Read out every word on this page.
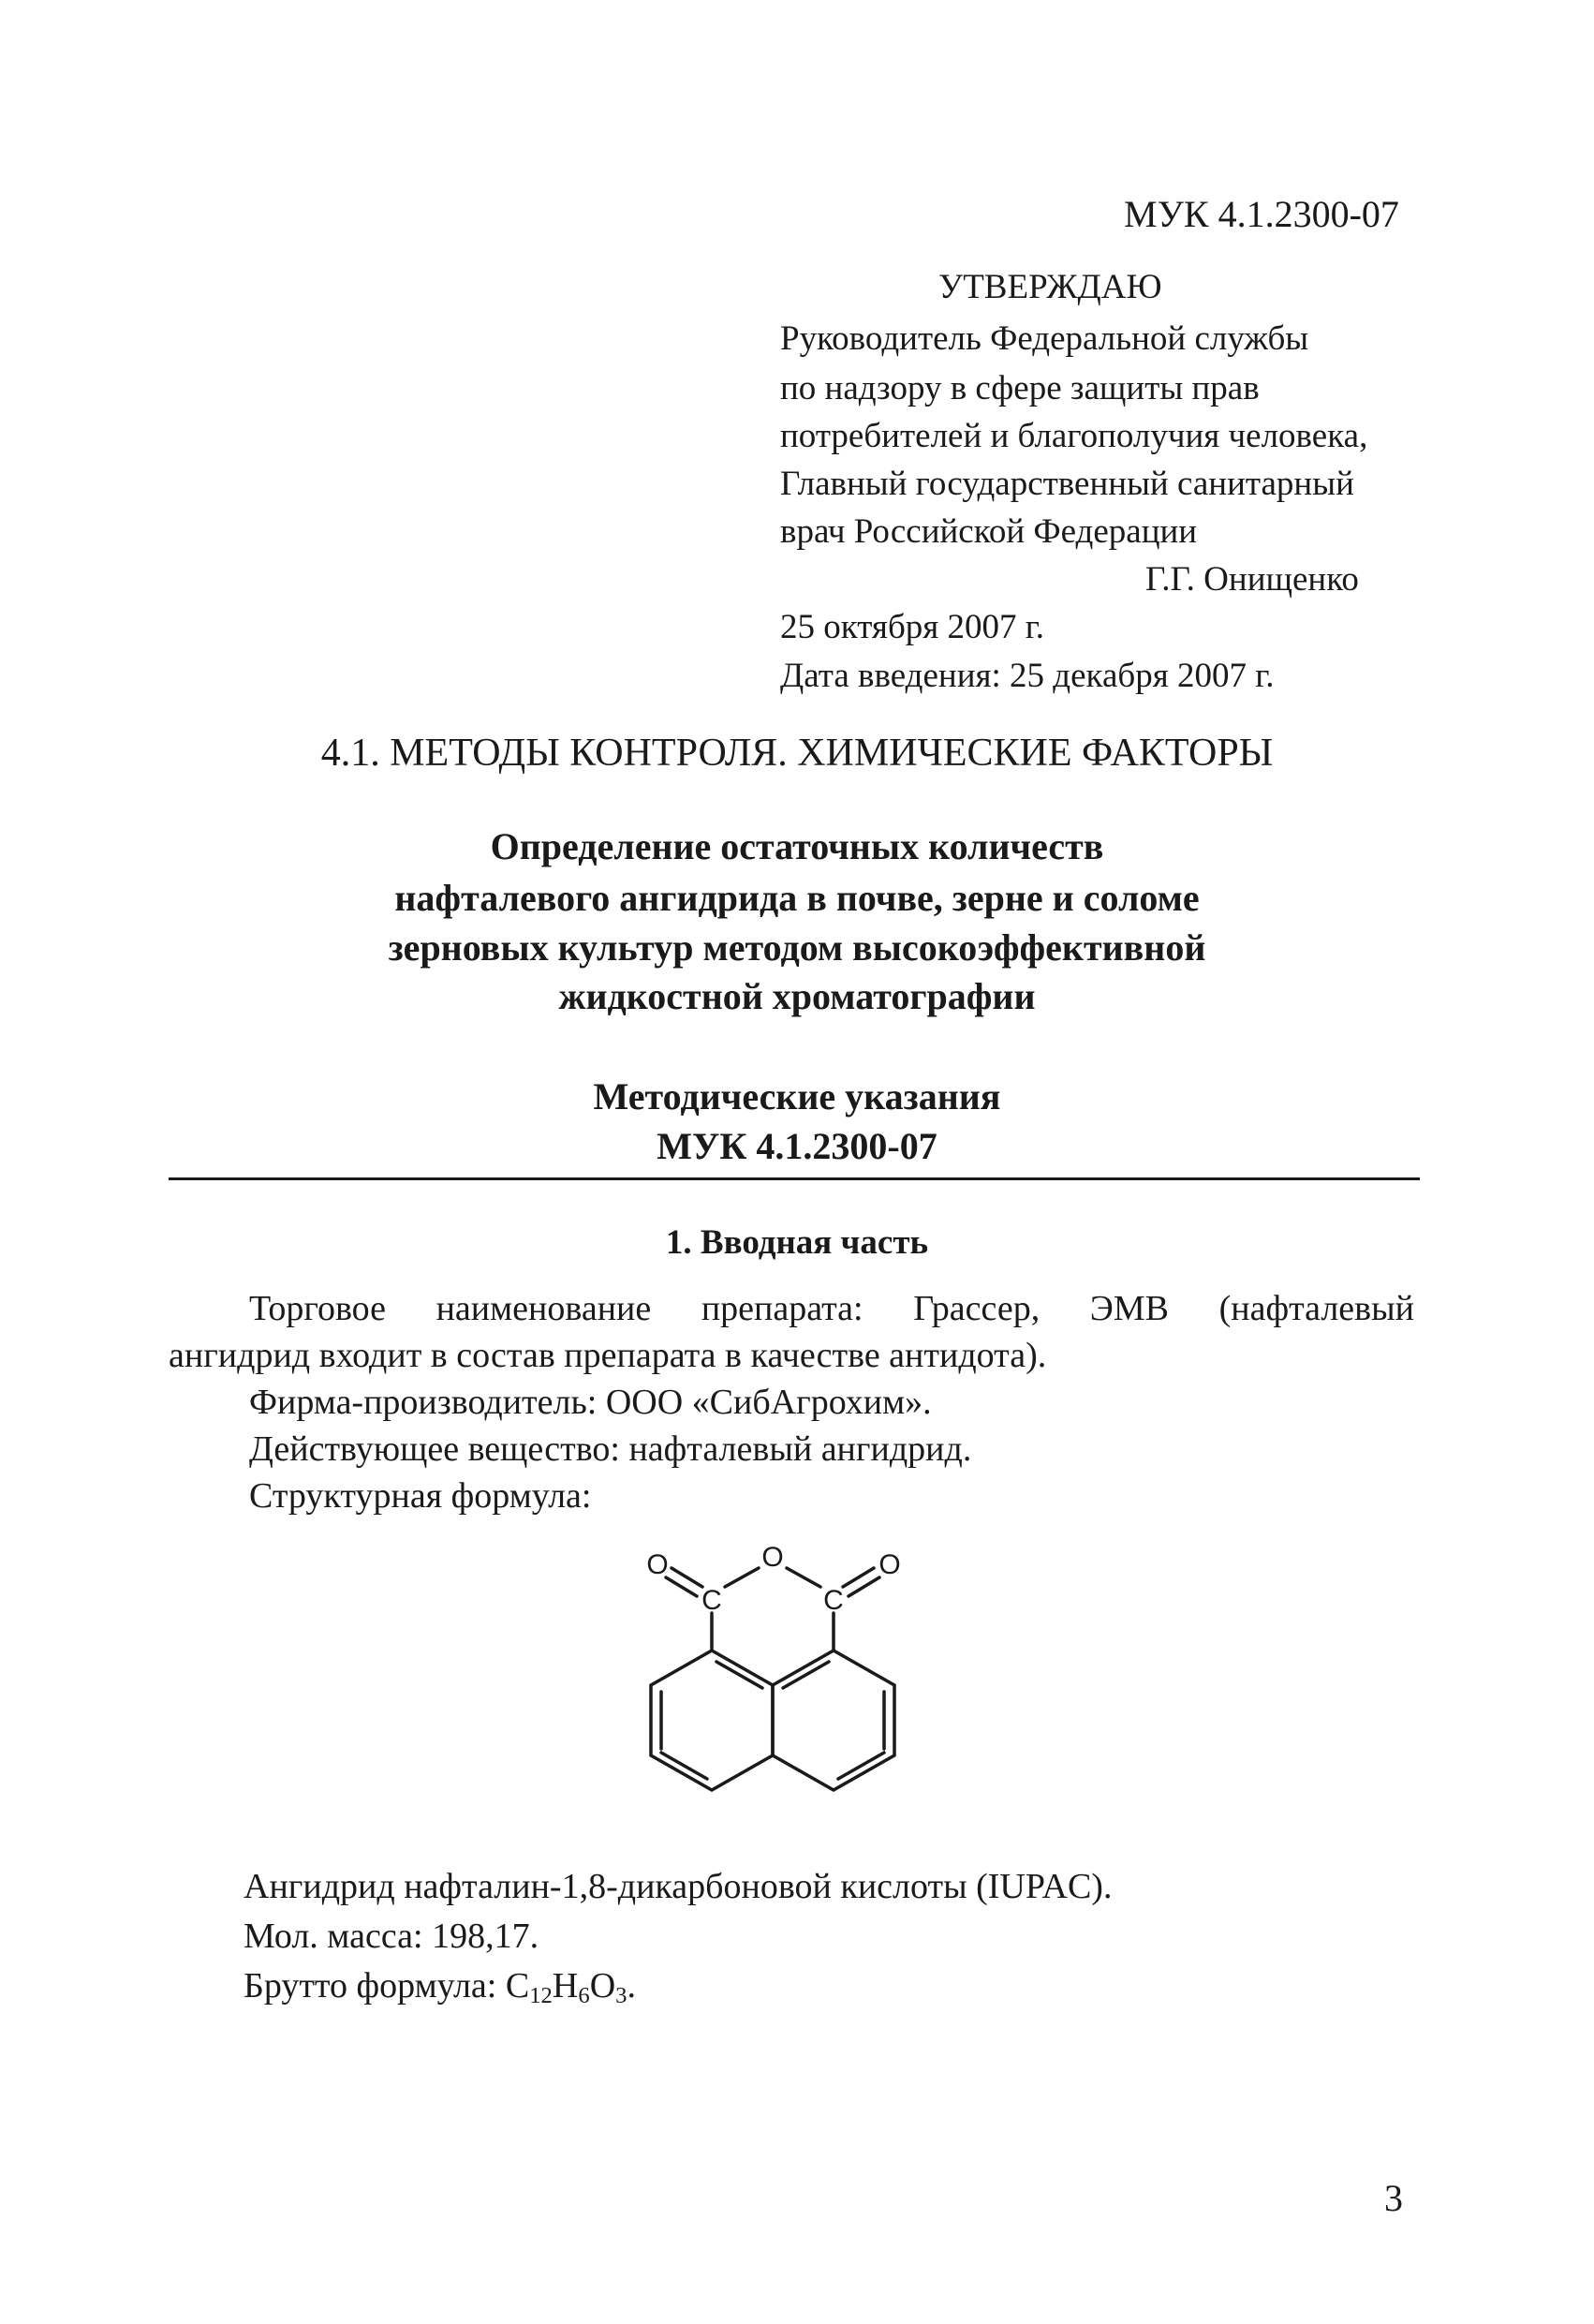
МУК 4.1.2300-07
УТВЕРЖДАЮ
Руководитель Федеральной службы
по надзору в сфере защиты прав
потребителей и благополучия человека,
Главный государственный санитарный
врач Российской Федерации
Г.Г. Онищенко
25 октября 2007 г.
Дата введения: 25 декабря 2007 г.
4.1. МЕТОДЫ КОНТРОЛЯ. ХИМИЧЕСКИЕ ФАКТОРЫ
Определение остаточных количеств
нафталевого ангидрида в почве, зерне и соломе
зерновых культур методом высокоэффективной
жидкостной хроматографии
Методические указания
МУК 4.1.2300-07
1. Вводная часть
Торговое наименование препарата: Грассер, ЭМВ (нафталевый
ангидрид входит в состав препарата в качестве антидота).
Фирма-производитель: ООО «СибАгрохим».
Действующее вещество: нафталевый ангидрид.
Структурная формула:
O	O	O
C	C
Ангидрид нафталин-1,8-дикарбоновой кислоты (IUPAC).
Мол. масса: 198,17.
Брутто формула: $C_{12}H_6O_3$.
3
